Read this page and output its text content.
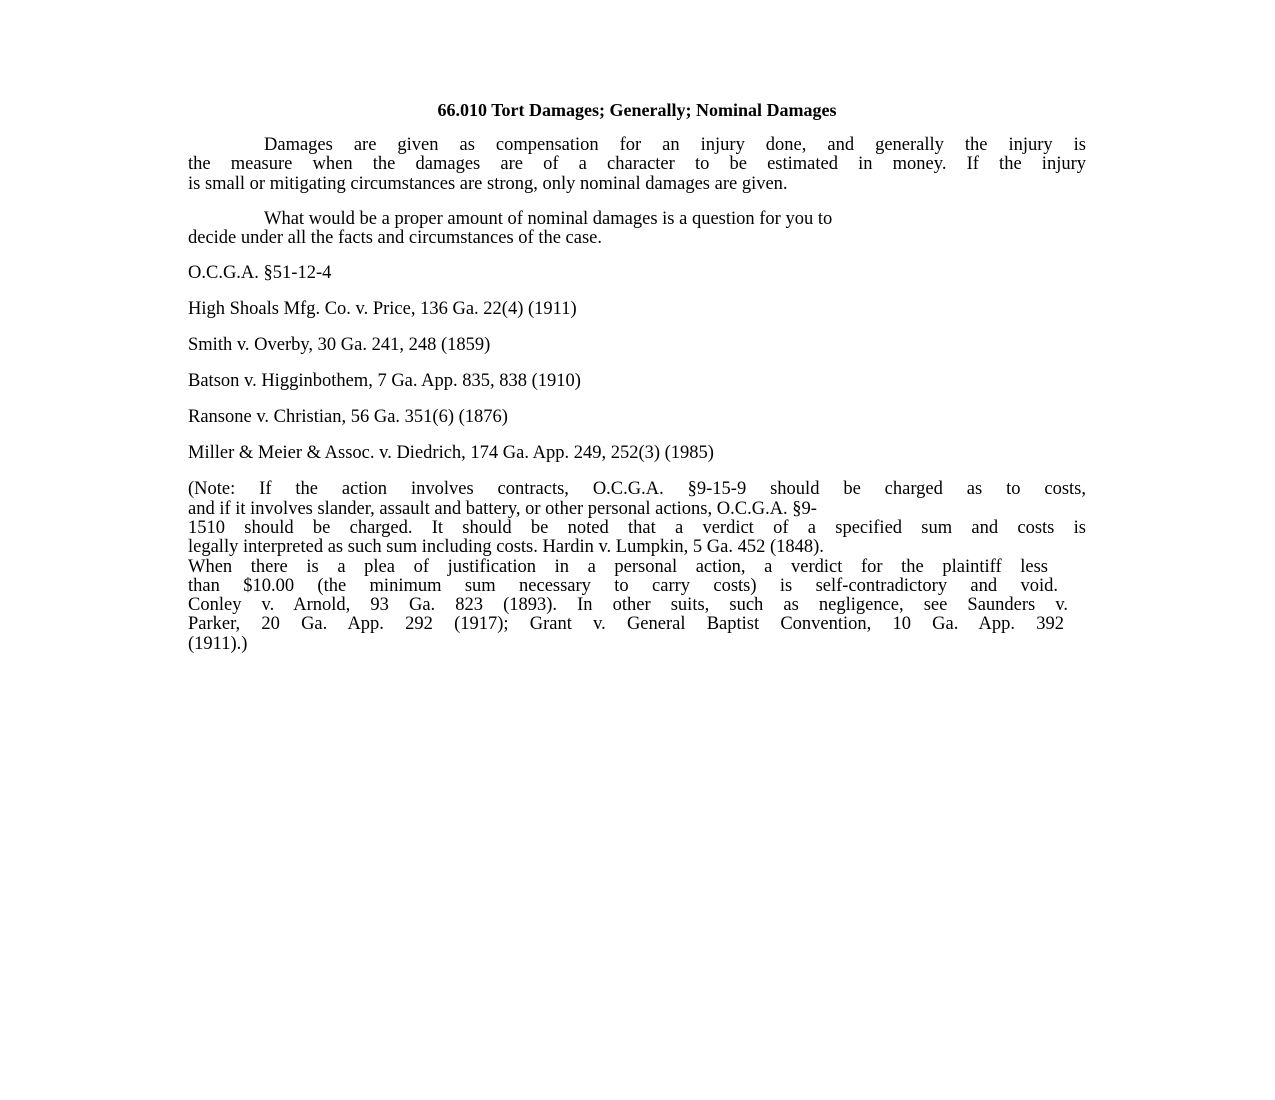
66.010 Tort Damages; Generally; Nominal Damages
Damages are given as compensation for an injury done, and generally the injury is
the measure when the damages are of a character to be estimated in money. If the injury
is small or mitigating circumstances are strong, only nominal damages are given.
What would be a proper amount of nominal damages is a question for you to
decide under all the facts and circumstances of the case.
O.C.G.A. §51-12-4
High Shoals Mfg. Co. v. Price, 136 Ga. 22(4) (1911)
Smith v. Overby, 30 Ga. 241, 248 (1859)
Batson v. Higginbothem, 7 Ga. App. 835, 838 (1910)
Ransone v. Christian, 56 Ga. 351(6) (1876)
Miller & Meier & Assoc. v. Diedrich, 174 Ga. App. 249, 252(3) (1985)
(Note: If the action involves contracts, O.C.G.A. §9-15-9 should be charged as to costs,
and if it involves slander, assault and battery, or other personal actions, O.C.G.A. §9-
1510 should be charged. It should be noted that a verdict of a specified sum and costs is
legally interpreted as such sum including costs. Hardin v. Lumpkin, 5 Ga. 452 (1848).
When there is a plea of justification in a personal action, a verdict for the plaintiff less
than $10.00 (the minimum sum necessary to carry costs) is self-contradictory and void.
Conley v. Arnold, 93 Ga. 823 (1893). In other suits, such as negligence, see Saunders v.
Parker, 20 Ga. App. 292 (1917); Grant v. General Baptist Convention, 10 Ga. App. 392
(1911).)
